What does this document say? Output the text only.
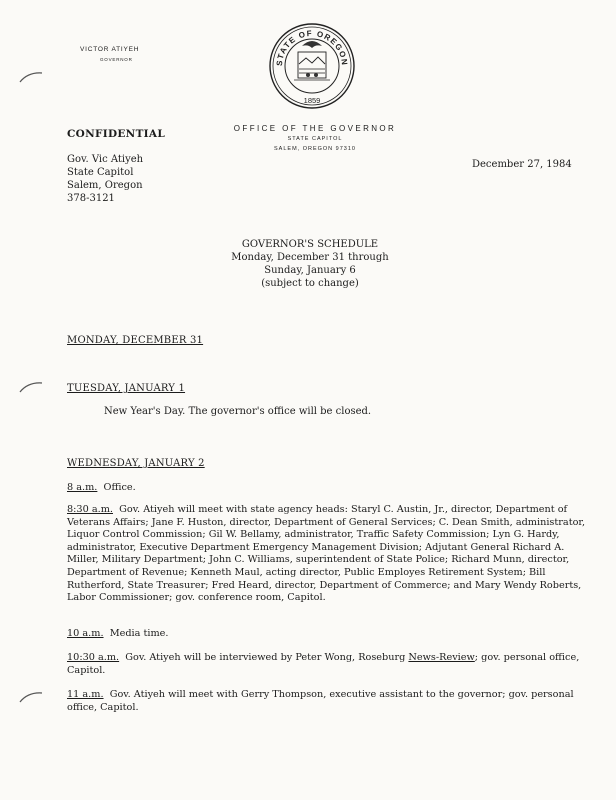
VICTOR ATIYEH
GOVERNOR	STATE OF OREGON
1859
OFFICE OF THE GOVERNOR
STATE CAPITOL
SALEM, OREGON 97310
CONFIDENTIAL
December 27, 1984
Gov. Vic Atiyeh
State Capitol
Salem, Oregon
378-3121
GOVERNOR'S SCHEDULE
Monday, December 31 through
Sunday, January 6
(subject to change)
MONDAY, DECEMBER 31
TUESDAY, JANUARY 1
New Year's Day. The governor's office will be closed.
WEDNESDAY, JANUARY 2
8 a.m. Office.
8:30 a.m. Gov. Atiyeh will meet with state agency heads: Staryl C. Austin, Jr., director, Department of Veterans Affairs; Jane F. Huston, director, Department of General Services; C. Dean Smith, administrator, Liquor Control Commission; Gil W. Bellamy, administrator, Traffic Safety Commission; Lyn G. Hardy, administrator, Executive Department Emergency Management Division; Adjutant General Richard A. Miller, Military Department; John C. Williams, superintendent of State Police; Richard Munn, director, Department of Revenue; Kenneth Maul, acting director, Public Employes Retirement System; Bill Rutherford, State Treasurer; Fred Heard, director, Department of Commerce; and Mary Wendy Roberts, Labor Commissioner; gov. conference room, Capitol.
10 a.m. Media time.
10:30 a.m. Gov. Atiyeh will be interviewed by Peter Wong, Roseburg News-Review; gov. personal office, Capitol.
11 a.m. Gov. Atiyeh will meet with Gerry Thompson, executive assistant to the governor; gov. personal office, Capitol.
